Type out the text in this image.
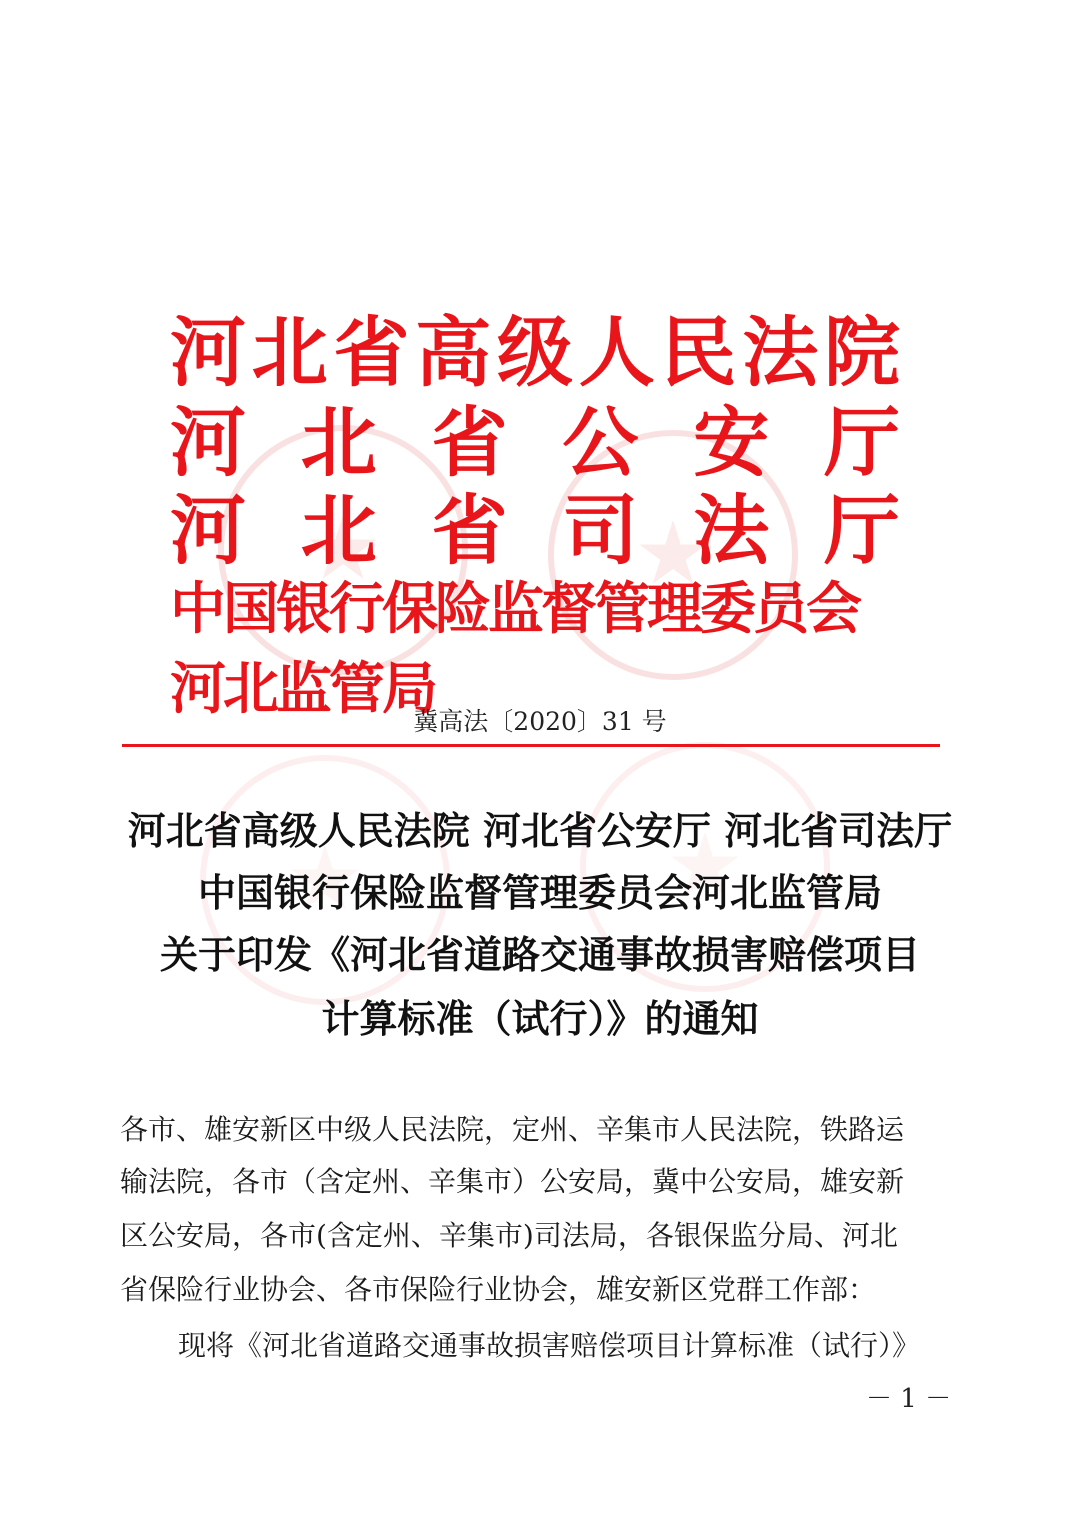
河 北 省 高 级 人 民 法 院
河 北 省 公 安 厅
河 北 省 司 法 厅
中国银行保险监督管理委员会河北监管局
冀高法〔2020〕31 号
河北省高级人民法院 河北省公安厅 河北省司法厅
中国银行保险监督管理委员会河北监管局
关于印发《河北省道路交通事故损害赔偿项目
计算标准（试行）》的通知
各市、雄安新区中级人民法院，定州、辛集市人民法院，铁路运
输法院，各市（含定州、辛集市）公安局，冀中公安局，雄安新
区公安局，各市(含定州、辛集市)司法局，各银保监分局、河北
省保险行业协会、各市保险行业协会，雄安新区党群工作部：
现将《河北省道路交通事故损害赔偿项目计算标准（试行）》
－ 1 －
